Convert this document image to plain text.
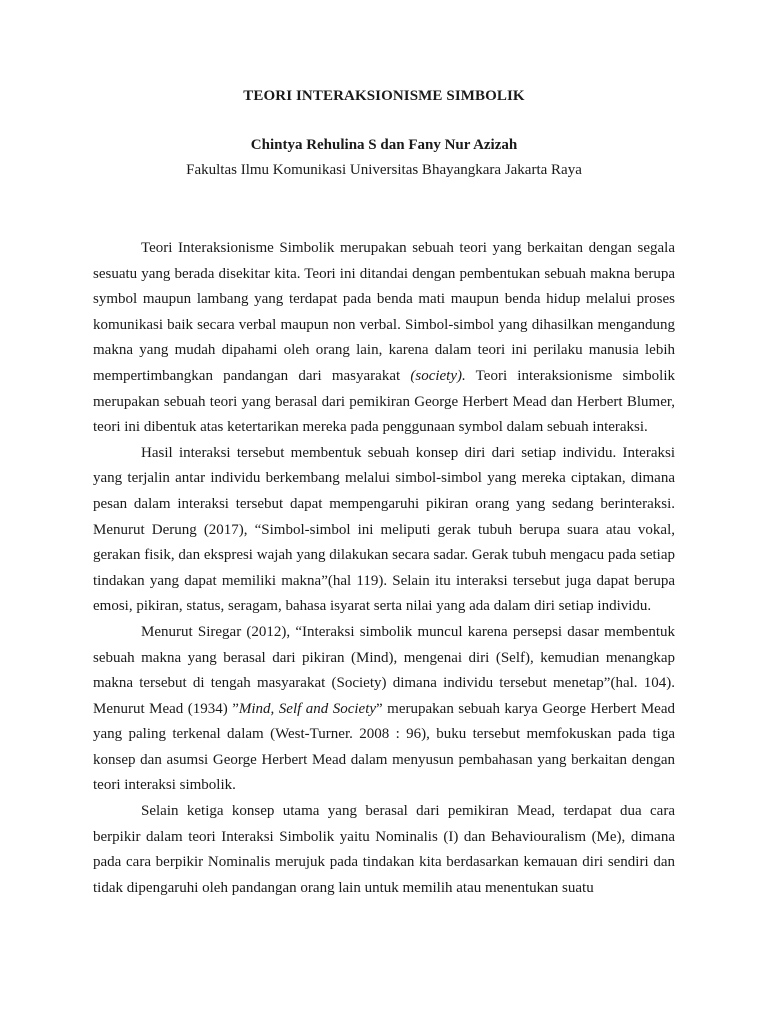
TEORI INTERAKSIONISME SIMBOLIK
Chintya Rehulina S dan Fany Nur Azizah
Fakultas Ilmu Komunikasi Universitas Bhayangkara Jakarta Raya

Teori Interaksionisme Simbolik merupakan sebuah teori yang berkaitan dengan segala sesuatu yang berada disekitar kita. Teori ini ditandai dengan pembentukan sebuah makna berupa symbol maupun lambang yang terdapat pada benda mati maupun benda hidup melalui proses komunikasi baik secara verbal maupun non verbal. Simbol-simbol yang dihasilkan mengandung makna yang mudah dipahami oleh orang lain, karena dalam teori ini perilaku manusia lebih mempertimbangkan pandangan dari masyarakat (society). Teori interaksionisme simbolik merupakan sebuah teori yang berasal dari pemikiran George Herbert Mead dan Herbert Blumer, teori ini dibentuk atas ketertarikan mereka pada penggunaan symbol dalam sebuah interaksi.

Hasil interaksi tersebut membentuk sebuah konsep diri dari setiap individu. Interaksi yang terjalin antar individu berkembang melalui simbol-simbol yang mereka ciptakan, dimana pesan dalam interaksi tersebut dapat mempengaruhi pikiran orang yang sedang berinteraksi. Menurut Derung (2017), “Simbol-simbol ini meliputi gerak tubuh berupa suara atau vokal, gerakan fisik, dan ekspresi wajah yang dilakukan secara sadar. Gerak tubuh mengacu pada setiap tindakan yang dapat memiliki makna”(hal 119). Selain itu interaksi tersebut juga dapat berupa emosi, pikiran, status, seragam, bahasa isyarat serta nilai yang ada dalam diri setiap individu.

Menurut Siregar (2012), “Interaksi simbolik muncul karena persepsi dasar membentuk sebuah makna yang berasal dari pikiran (Mind), mengenai diri (Self), kemudian menangkap makna tersebut di tengah masyarakat (Society) dimana individu tersebut menetap”(hal. 104). Menurut Mead (1934) ”Mind, Self and Society” merupakan sebuah karya George Herbert Mead yang paling terkenal dalam (West-Turner. 2008 : 96), buku tersebut memfokuskan pada tiga konsep dan asumsi George Herbert Mead dalam menyusun pembahasan yang berkaitan dengan teori interaksi simbolik.

Selain ketiga konsep utama yang berasal dari pemikiran Mead, terdapat dua cara berpikir dalam teori Interaksi Simbolik yaitu Nominalis (I) dan Behaviouralism (Me), dimana pada cara berpikir Nominalis merujuk pada tindakan kita berdasarkan kemauan diri sendiri dan tidak dipengaruhi oleh pandangan orang lain untuk memilih atau menentukan suatu
